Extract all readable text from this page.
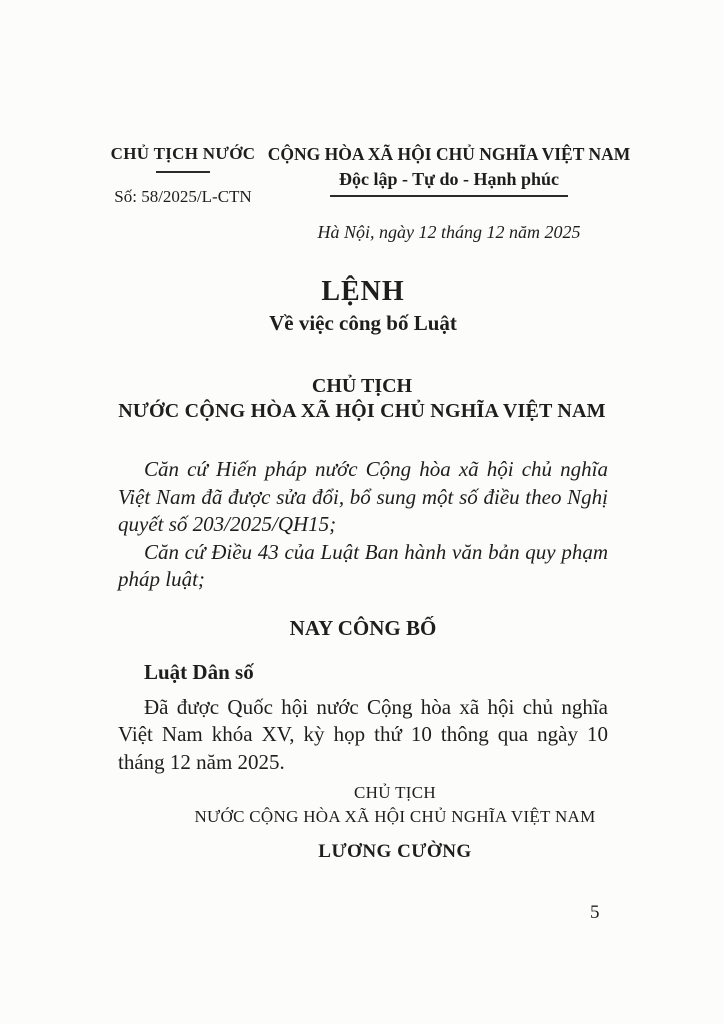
CHỦ TỊCH NƯỚC
Số: 58/2025/L-CTN
CỘNG HÒA XÃ HỘI CHỦ NGHĨA VIỆT NAM
Độc lập - Tự do - Hạnh phúc
Hà Nội, ngày 12 tháng 12 năm 2025
LỆNH
Về việc công bố Luật
CHỦ TỊCH
NƯỚC CỘNG HÒA XÃ HỘI CHỦ NGHĨA VIỆT NAM

Căn cứ Hiến pháp nước Cộng hòa xã hội chủ nghĩa Việt Nam đã được sửa đổi, bổ sung một số điều theo Nghị quyết số 203/2025/QH15;

Căn cứ Điều 43 của Luật Ban hành văn bản quy phạm pháp luật;

NAY CÔNG BỐ

Luật Dân số

Đã được Quốc hội nước Cộng hòa xã hội chủ nghĩa Việt Nam khóa XV, kỳ họp thứ 10 thông qua ngày 10 tháng 12 năm 2025.

CHỦ TỊCH
NƯỚC CỘNG HÒA XÃ HỘI CHỦ NGHĨA VIỆT NAM
LƯƠNG CƯỜNG
5
